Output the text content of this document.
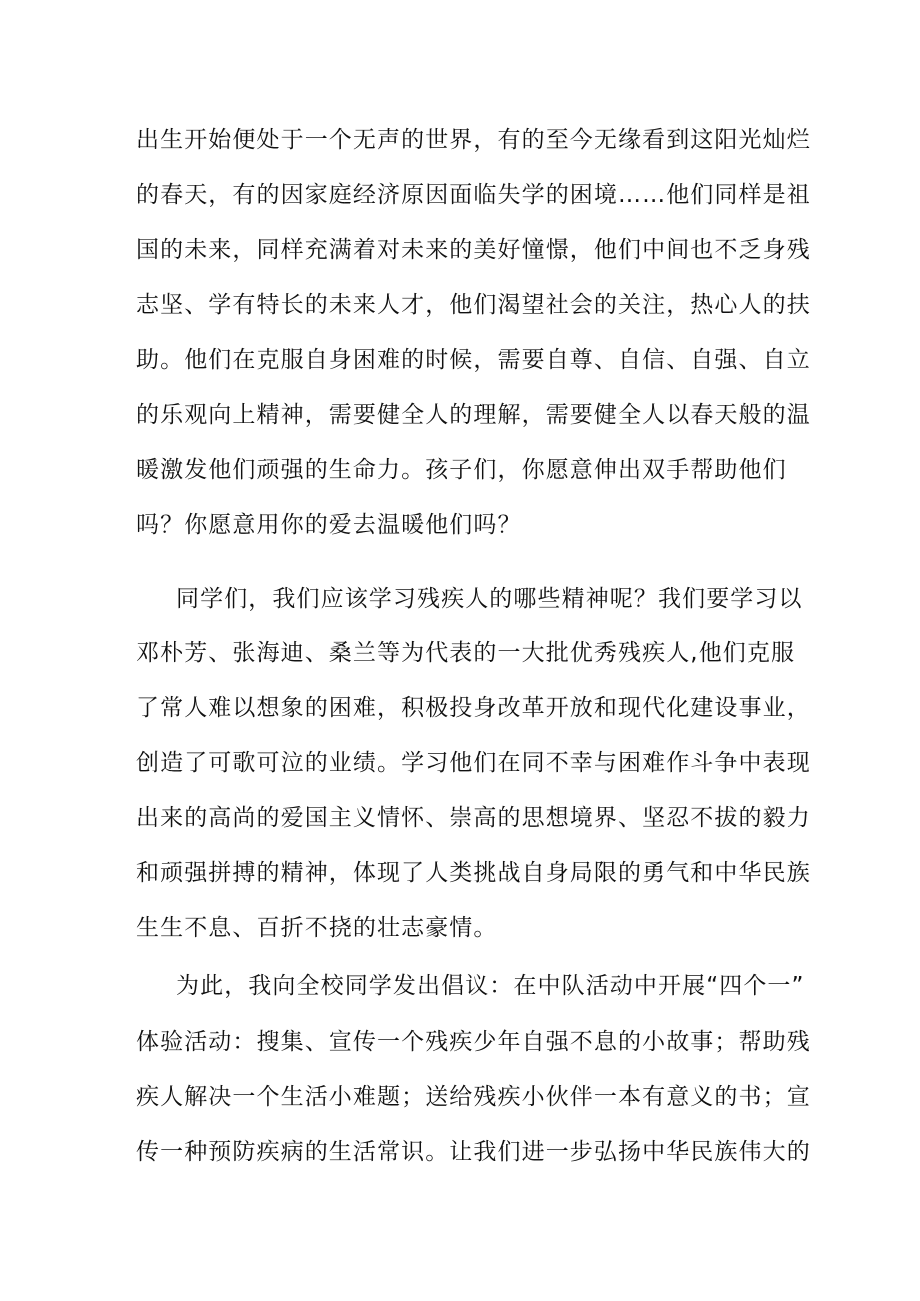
出生开始便处于一个无声的世界，有的至今无缘看到这阳光灿烂
的春天，有的因家庭经济原因面临失学的困境……他们同样是祖
国的未来，同样充满着对未来的美好憧憬，他们中间也不乏身残
志坚、学有特长的未来人才，他们渴望社会的关注，热心人的扶
助。他们在克服自身困难的时候，需要自尊、自信、自强、自立
的乐观向上精神，需要健全人的理解，需要健全人以春天般的温
暖激发他们顽强的生命力。孩子们，你愿意伸出双手帮助他们
吗？你愿意用你的爱去温暖他们吗？
同学们，我们应该学习残疾人的哪些精神呢？我们要学习以
邓朴芳、张海迪、桑兰等为代表的一大批优秀残疾人,他们克服
了常人难以想象的困难，积极投身改革开放和现代化建设事业，
创造了可歌可泣的业绩。学习他们在同不幸与困难作斗争中表现
出来的高尚的爱国主义情怀、崇高的思想境界、坚忍不拔的毅力
和顽强拼搏的精神，体现了人类挑战自身局限的勇气和中华民族
生生不息、百折不挠的壮志豪情。
为此，我向全校同学发出倡议：在中队活动中开展“四个一”
体验活动：搜集、宣传一个残疾少年自强不息的小故事；帮助残
疾人解决一个生活小难题；送给残疾小伙伴一本有意义的书；宣
传一种预防疾病的生活常识。让我们进一步弘扬中华民族伟大的
